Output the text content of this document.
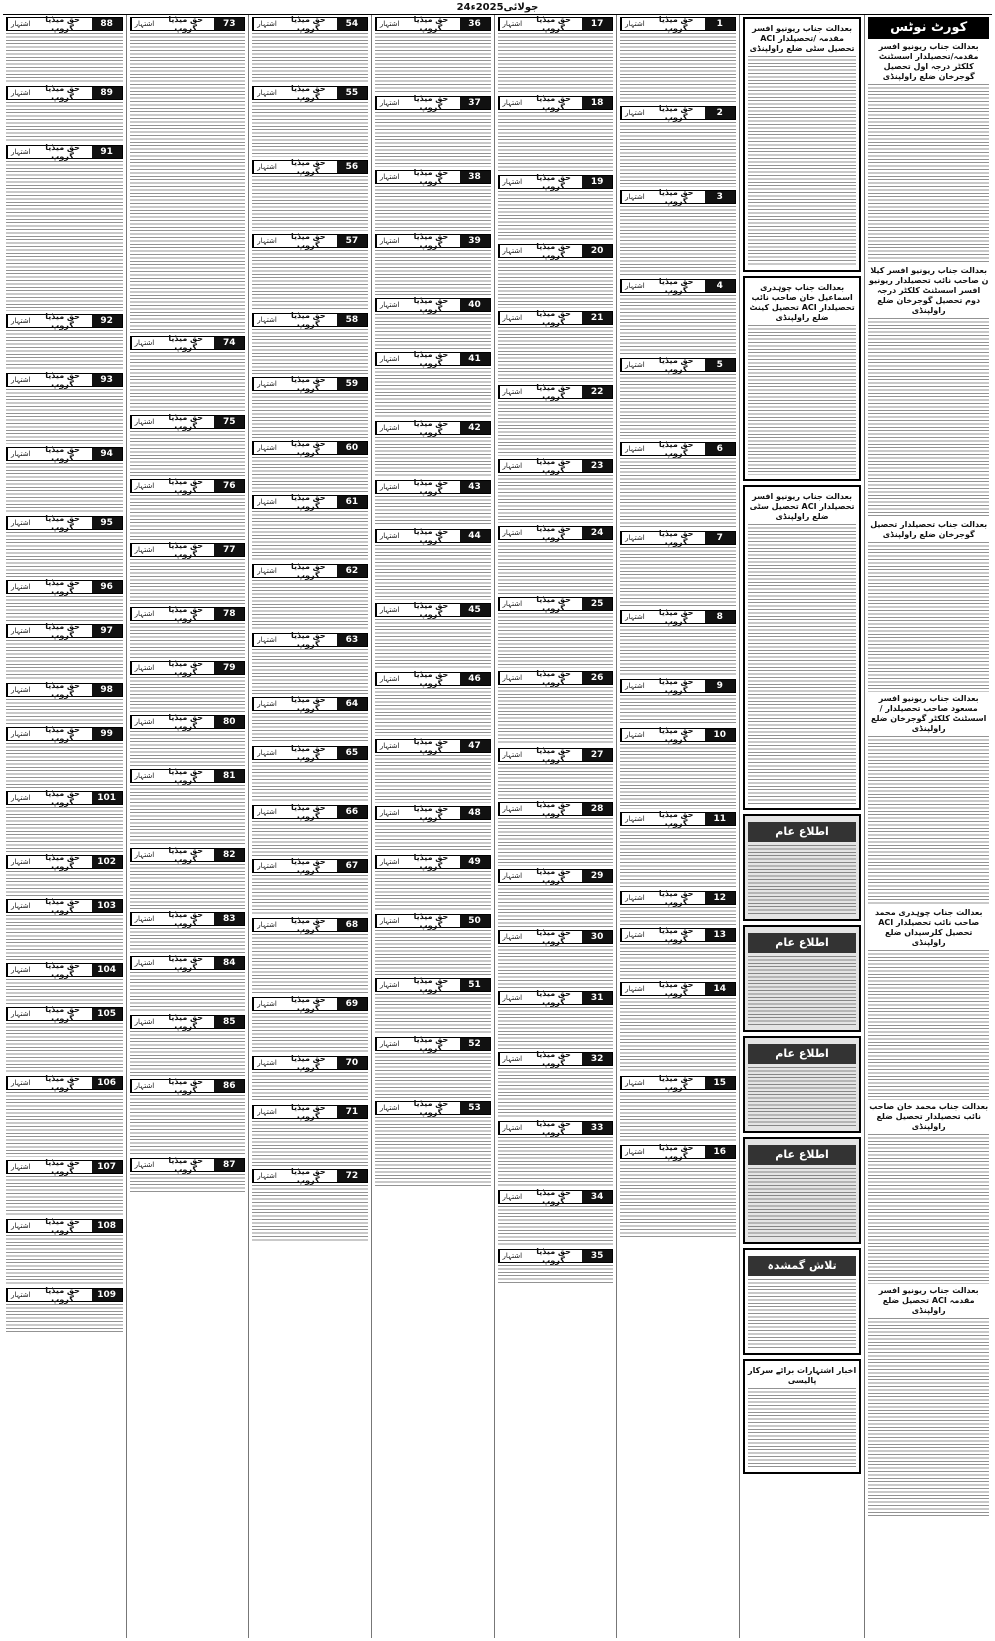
24جولائی2025ء
کورٹ نوٹس
بعدالت جناب ریونیو افسر مقدمہ/تحصیلدار اسسٹنٹ کلکٹر درجہ اول تحصیل گوجرخان ضلع راولپنڈی
بعدالت جناب ریونیو افسر کیلا ن صاحب نائب تحصیلدار ریونیو افسر اسسٹنٹ کلکٹر درجہ دوم تحصیل گوجرخان ضلع راولپنڈی
بعدالت جناب تحصیلدار تحصیل گوجرخان ضلع راولپنڈی
بعدالت جناب ریونیو افسر مسعود صاحب تحصیلدار / اسسٹنٹ کلکٹر گوجرخان ضلع راولپنڈی
بعدالت جناب چوہدری محمد صاحب نائب تحصیلدار ACI تحصیل کلرسیداں ضلع راولپنڈی
بعدالت جناب محمد خان صاحب نائب تحصیلدار تحصیل ضلع راولپنڈی
بعدالت جناب ریونیو افسر مقدمہ ACI تحصیل ضلع راولپنڈی
بعدالت جناب ریونیو افسر مقدمہ /تحصیلدار ACI تحصیل سٹی ضلع راولپنڈی
بعدالت جناب چوہدری اسماعیل خان صاحب نائب تحصیلدار ACI تحصیل کینٹ ضلع راولپنڈی
بعدالت جناب ریونیو افسر تحصیلدار ACI تحصیل سٹی ضلع راولپنڈی
اطلاع عام
اطلاع عام
اطلاع عام
اطلاع عام
تلاش گمشدہ
اخبار اشتہارات برائے سرکار پالیسی
اشتہار	حق میڈیا گروپ	1
اشتہار	حق میڈیا گروپ	2
اشتہار	حق میڈیا گروپ	3
اشتہار	حق میڈیا گروپ	4
اشتہار	حق میڈیا گروپ	5
اشتہار	حق میڈیا گروپ	6
اشتہار	حق میڈیا گروپ	7
اشتہار	حق میڈیا گروپ	8
اشتہار	حق میڈیا گروپ	9
اشتہار	حق میڈیا گروپ	10
اشتہار	حق میڈیا گروپ	11
اشتہار	حق میڈیا گروپ	12
اشتہار	حق میڈیا گروپ	13
اشتہار	حق میڈیا گروپ	14
اشتہار	حق میڈیا گروپ	15
اشتہار	حق میڈیا گروپ	16
اشتہار	حق میڈیا گروپ	17
اشتہار	حق میڈیا گروپ	18
اشتہار	حق میڈیا گروپ	19
اشتہار	حق میڈیا گروپ	20
اشتہار	حق میڈیا گروپ	21
اشتہار	حق میڈیا گروپ	22
اشتہار	حق میڈیا گروپ	23
اشتہار	حق میڈیا گروپ	24
اشتہار	حق میڈیا گروپ	25
اشتہار	حق میڈیا گروپ	26
اشتہار	حق میڈیا گروپ	27
اشتہار	حق میڈیا گروپ	28
اشتہار	حق میڈیا گروپ	29
اشتہار	حق میڈیا گروپ	30
اشتہار	حق میڈیا گروپ	31
اشتہار	حق میڈیا گروپ	32
اشتہار	حق میڈیا گروپ	33
اشتہار	حق میڈیا گروپ	34
اشتہار	حق میڈیا گروپ	35
اشتہار	حق میڈیا گروپ	36
اشتہار	حق میڈیا گروپ	37
اشتہار	حق میڈیا گروپ	38
اشتہار	حق میڈیا گروپ	39
اشتہار	حق میڈیا گروپ	40
اشتہار	حق میڈیا گروپ	41
اشتہار	حق میڈیا گروپ	42
اشتہار	حق میڈیا گروپ	43
اشتہار	حق میڈیا گروپ	44
اشتہار	حق میڈیا گروپ	45
اشتہار	حق میڈیا گروپ	46
اشتہار	حق میڈیا گروپ	47
اشتہار	حق میڈیا گروپ	48
اشتہار	حق میڈیا گروپ	49
اشتہار	حق میڈیا گروپ	50
اشتہار	حق میڈیا گروپ	51
اشتہار	حق میڈیا گروپ	52
اشتہار	حق میڈیا گروپ	53
اشتہار	حق میڈیا گروپ	54
اشتہار	حق میڈیا گروپ	55
اشتہار	حق میڈیا گروپ	56
اشتہار	حق میڈیا گروپ	57
اشتہار	حق میڈیا گروپ	58
اشتہار	حق میڈیا گروپ	59
اشتہار	حق میڈیا گروپ	60
اشتہار	حق میڈیا گروپ	61
اشتہار	حق میڈیا گروپ	62
اشتہار	حق میڈیا گروپ	63
اشتہار	حق میڈیا گروپ	64
اشتہار	حق میڈیا گروپ	65
اشتہار	حق میڈیا گروپ	66
اشتہار	حق میڈیا گروپ	67
اشتہار	حق میڈیا گروپ	68
اشتہار	حق میڈیا گروپ	69
اشتہار	حق میڈیا گروپ	70
اشتہار	حق میڈیا گروپ	71
اشتہار	حق میڈیا گروپ	72
اشتہار	حق میڈیا گروپ	73
اشتہار	حق میڈیا گروپ	74
اشتہار	حق میڈیا گروپ	75
اشتہار	حق میڈیا گروپ	76
اشتہار	حق میڈیا گروپ	77
اشتہار	حق میڈیا گروپ	78
اشتہار	حق میڈیا گروپ	79
اشتہار	حق میڈیا گروپ	80
اشتہار	حق میڈیا گروپ	81
اشتہار	حق میڈیا گروپ	82
اشتہار	حق میڈیا گروپ	83
اشتہار	حق میڈیا گروپ	84
اشتہار	حق میڈیا گروپ	85
اشتہار	حق میڈیا گروپ	86
اشتہار	حق میڈیا گروپ	87
اشتہار	حق میڈیا گروپ	88
اشتہار	حق میڈیا گروپ	89
اشتہار	حق میڈیا گروپ	91
اشتہار	حق میڈیا گروپ	92
اشتہار	حق میڈیا گروپ	93
اشتہار	حق میڈیا گروپ	94
اشتہار	حق میڈیا گروپ	95
اشتہار	حق میڈیا گروپ	96
اشتہار	حق میڈیا گروپ	97
اشتہار	حق میڈیا گروپ	98
اشتہار	حق میڈیا گروپ	99
اشتہار	حق میڈیا گروپ	101
اشتہار	حق میڈیا گروپ	102
اشتہار	حق میڈیا گروپ	103
اشتہار	حق میڈیا گروپ	104
اشتہار	حق میڈیا گروپ	105
اشتہار	حق میڈیا گروپ	106
اشتہار	حق میڈیا گروپ	107
اشتہار	حق میڈیا گروپ	108
اشتہار	حق میڈیا گروپ	109
